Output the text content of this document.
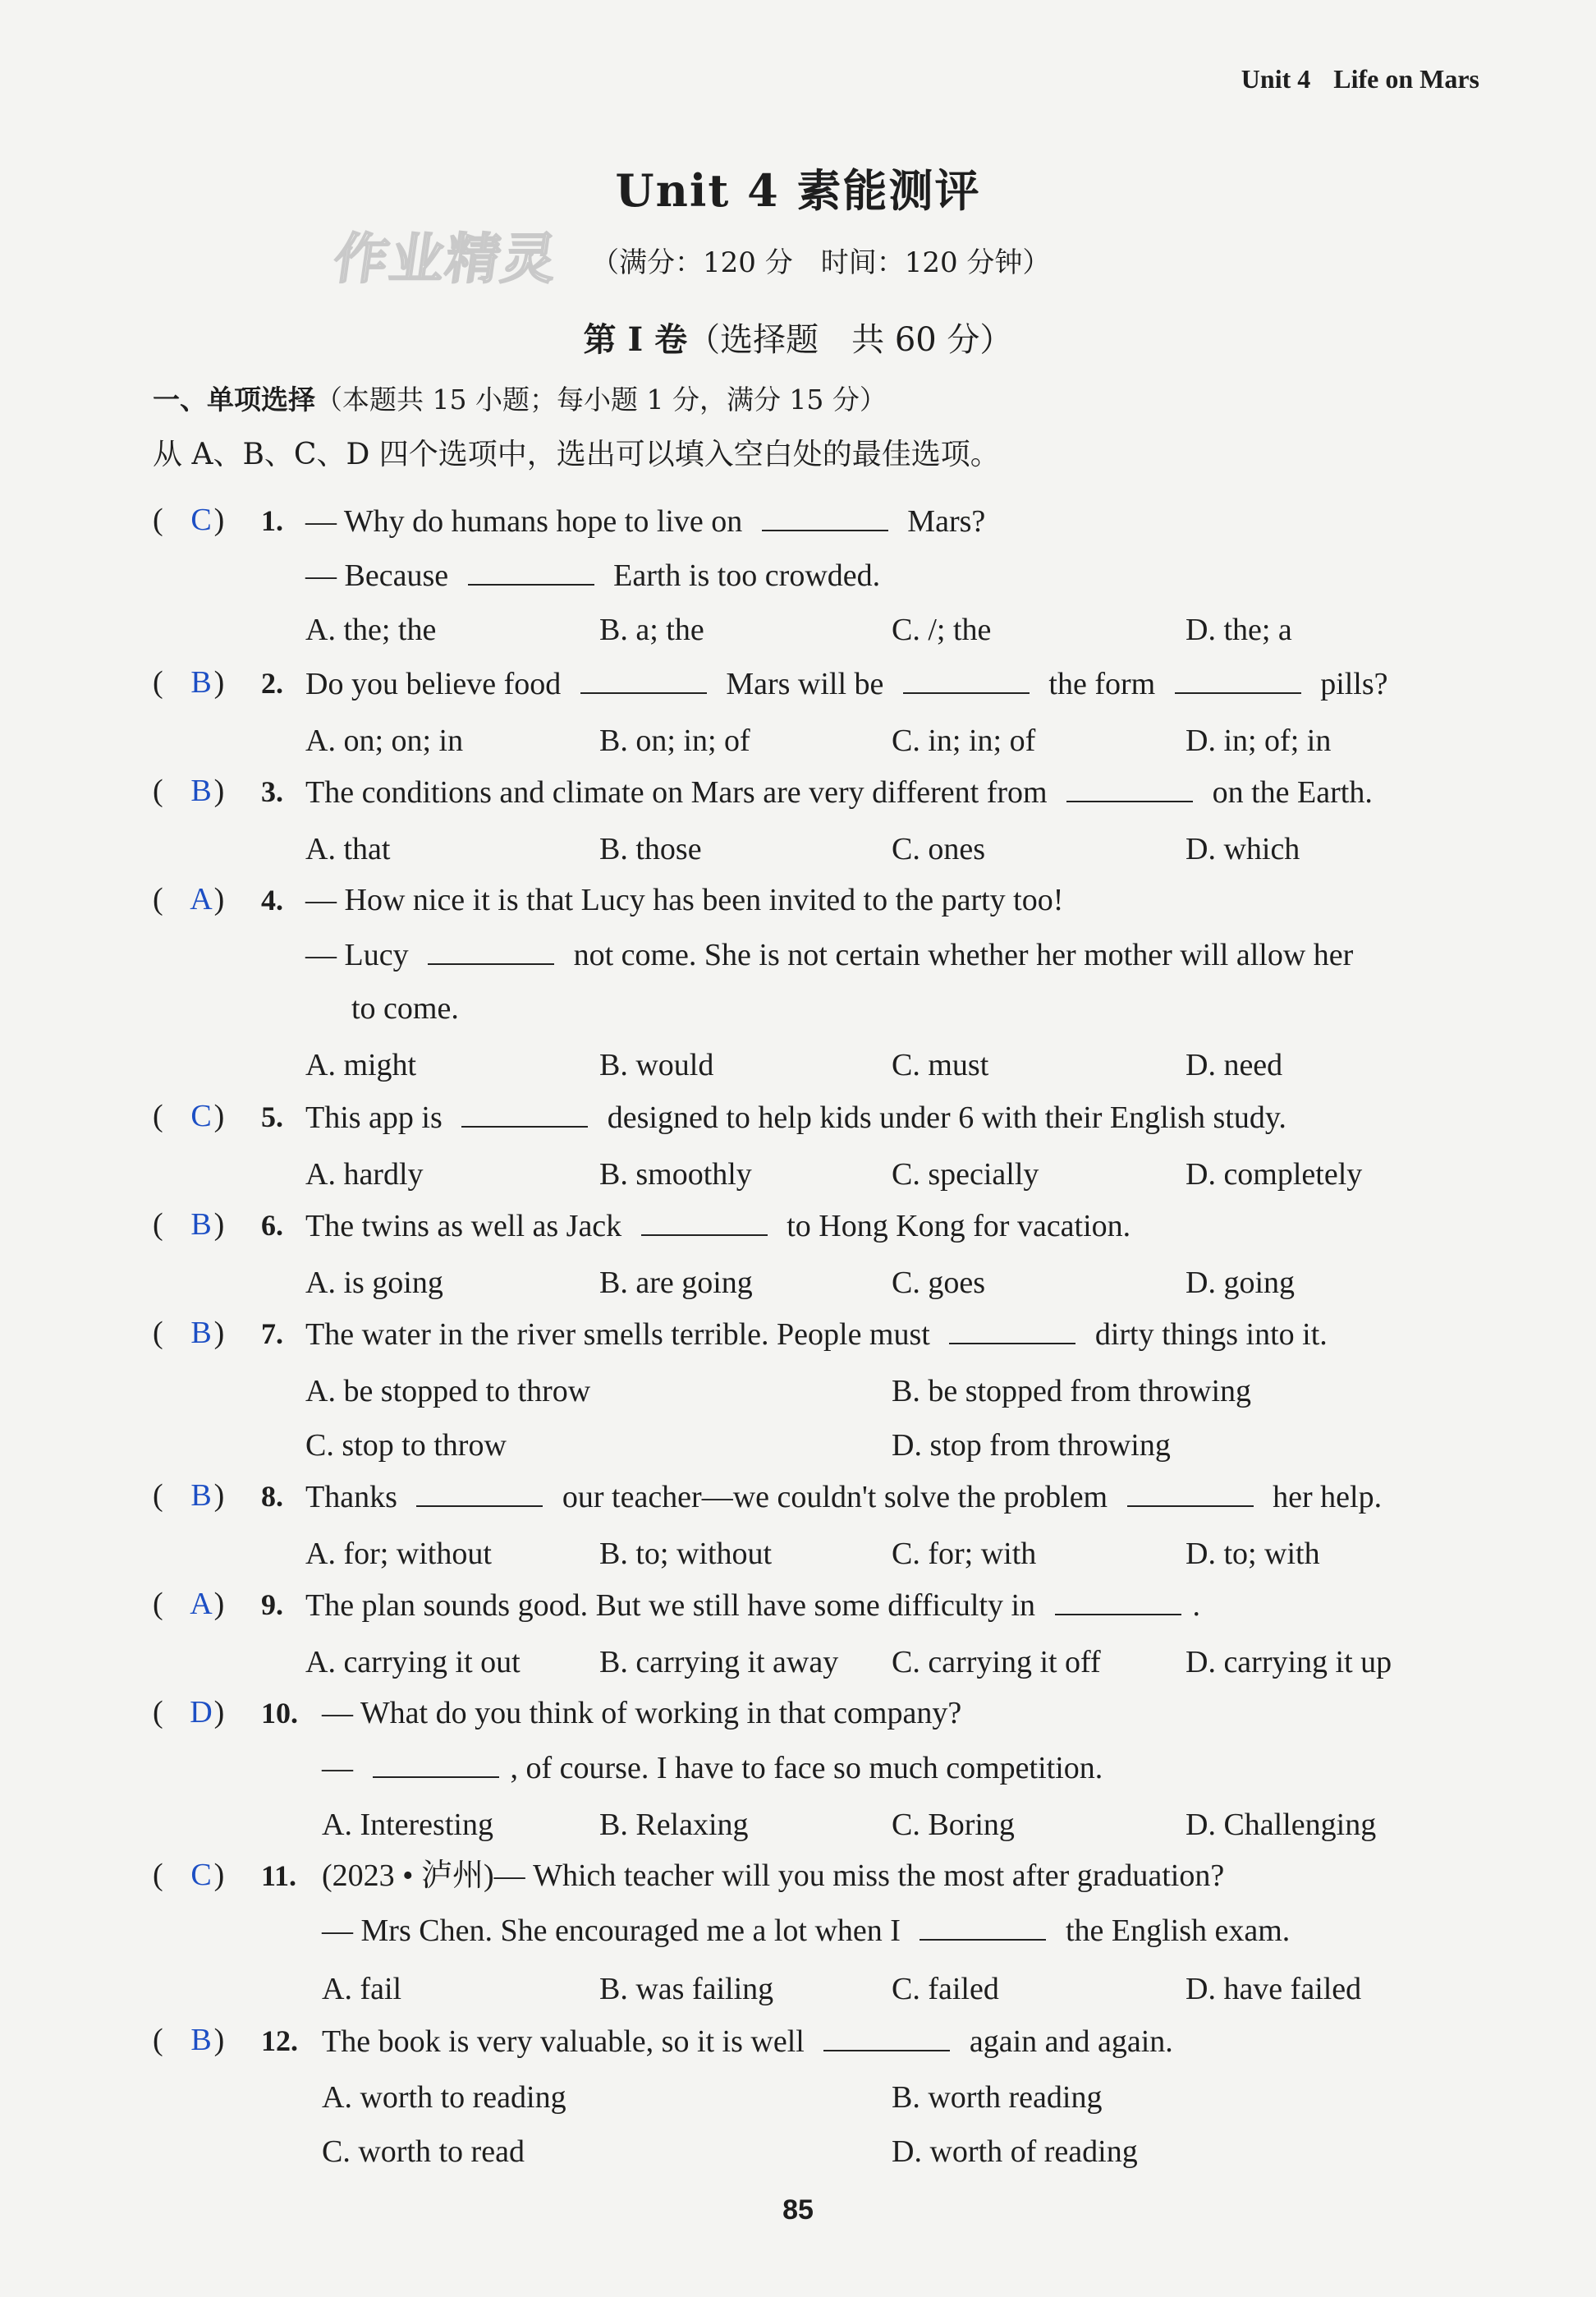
Unit 4 Life on Mars
Unit 4 素能测评
作业精灵 （满分：120 分　时间：120 分钟）
第 Ⅰ 卷（选择题　共 60 分）
一、单项选择（本题共 15 小题；每小题 1 分，满分 15 分）
从 A、B、C、D 四个选项中，选出可以填入空白处的最佳选项。
( )
C 1. — Why do humans hope to live on	Mars?
— Because	Earth is too crowded.
A. the; the	B. a; the	C. /; the	D. the; a
( )
B 2. Do you believe food	Mars will be	the form	pills?
A. on; on; in	B. on; in; of	C. in; in; of	D. in; of; in
( )
B 3. The conditions and climate on Mars are very different from	on the Earth.
A. that	B. those	C. ones	D. which
( )
A 4. — How nice it is that Lucy has been invited to the party too!
— Lucy	not come. She is not certain whether her mother will allow her
to come.
A. might	B. would	C. must	D. need
( )
C 5. This app is	designed to help kids under 6 with their English study.
A. hardly	B. smoothly	C. specially	D. completely
( )
B 6. The twins as well as Jack	to Hong Kong for vacation.
A. is going	B. are going	C. goes	D. going
( )
B 7. The water in the river smells terrible. People must	dirty things into it.
A. be stopped to throw	B. be stopped from throwing
C. stop to throw	D. stop from throwing
( )
B 8. Thanks	our teacher—we couldn't solve the problem	her help.
A. for; without	B. to; without	C. for; with	D. to; with
( )
A 9. The plan sounds good. But we still have some difficulty in	.
A. carrying it out	B. carrying it away C. carrying it off	D. carrying it up
( )
D 10. — What do you think of working in that company?
—	, of course. I have to face so much competition.
A. Interesting	B. Relaxing	C. Boring	D. Challenging
( )
C 11. (2023 • 泸州)— Which teacher will you miss the most after graduation?
— Mrs Chen. She encouraged me a lot when I	the English exam.
A. fail	B. was failing	C. failed	D. have failed
( )
B 12. The book is very valuable, so it is well	again and again.
A. worth to reading	B. worth reading
C. worth to read	D. worth of reading
85
